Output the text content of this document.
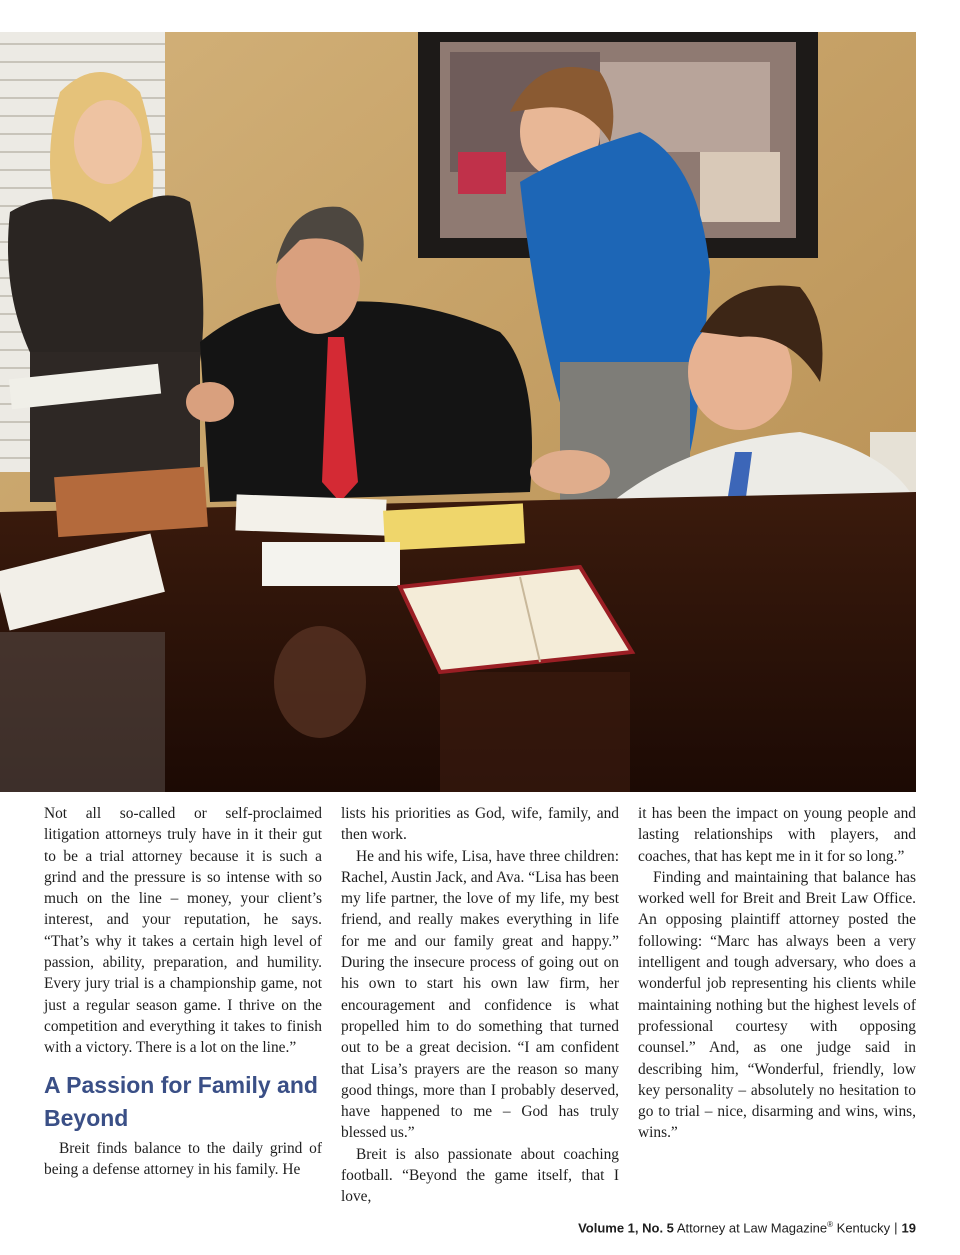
Not all so-called or self-proclaimed litigation attorneys truly have in it their gut to be a trial attorney because it is such a grind and the pressure is so intense with so much on the line – money, your client’s interest, and your reputation, he says. “That’s why it takes a certain high level of passion, ability, preparation, and humility. Every jury trial is a championship game, not just a regular season game. I thrive on the competition and everything it takes to finish with a victory. There is a lot on the line.”

A Passion for Family and Beyond

Breit finds balance to the daily grind of being a defense attorney in his family. He

lists his priorities as God, wife, family, and then work.

He and his wife, Lisa, have three children: Rachel, Austin Jack, and Ava. “Lisa has been my life partner, the love of my life, my best friend, and really makes everything in life for me and our family great and happy.” During the insecure process of going out on his own to start his own law firm, her encouragement and confidence is what propelled him to do something that turned out to be a great decision. “I am confident that Lisa’s prayers are the reason so many good things, more than I probably deserved, have happened to me – God has truly blessed us.”

Breit is also passionate about coaching football. “Beyond the game itself, that I love,

it has been the impact on young people and lasting relationships with players, and coaches, that has kept me in it for so long.”

Finding and maintaining that balance has worked well for Breit and Breit Law Office. An opposing plaintiff attorney posted the following: “Marc has always been a very intelligent and tough adversary, who does a wonderful job representing his clients while maintaining nothing but the highest levels of professional courtesy with opposing counsel.” And, as one judge said in describing him, “Wonderful, friendly, low key personality – absolutely no hesitation to go to trial – nice, disarming and wins, wins, wins.”

Volume 1, No. 5 Attorney at Law Magazine® Kentucky | 19
